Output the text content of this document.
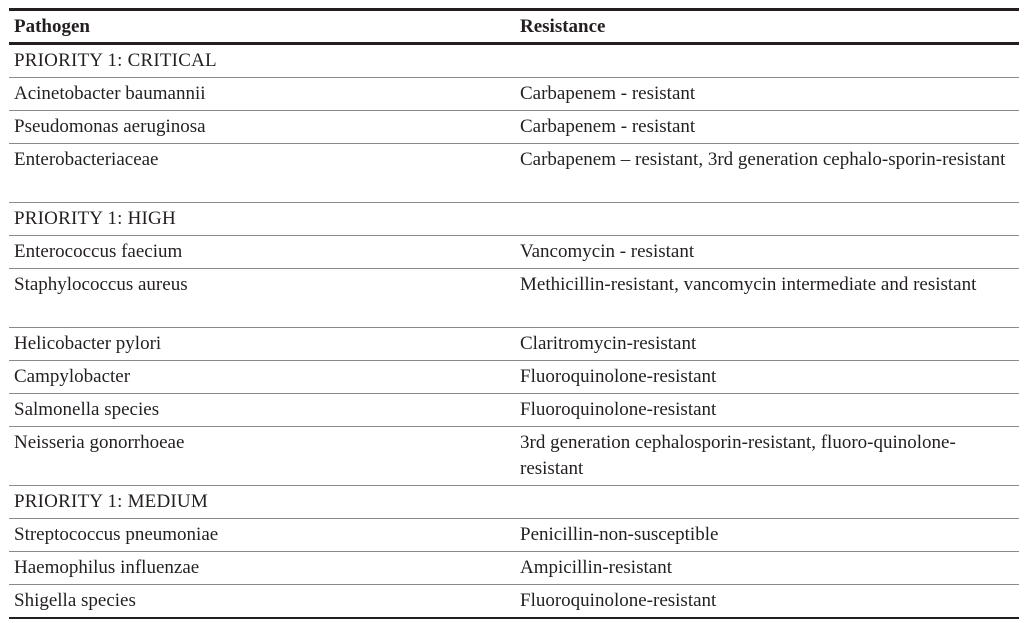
Pathogen	Resistance
PRIORITY 1: CRITICAL
Acinetobacter baumannii	Carbapenem - resistant
Pseudomonas aeruginosa	Carbapenem - resistant
Enterobacteriaceae	Carbapenem – resistant, 3rd generation cephalo-sporin-resistant
PRIORITY 1: HIGH
Enterococcus faecium	Vancomycin - resistant
Staphylococcus aureus	Methicillin-resistant, vancomycin intermediate and resistant
Helicobacter pylori	Claritromycin-resistant
Campylobacter	Fluoroquinolone-resistant
Salmonella species	Fluoroquinolone-resistant
Neisseria gonorrhoeae	3rd generation cephalosporin-resistant, fluoro-quinolone-resistant
PRIORITY 1: MEDIUM
Streptococcus pneumoniae	Penicillin-non-susceptible
Haemophilus influenzae	Ampicillin-resistant
Shigella species	Fluoroquinolone-resistant
